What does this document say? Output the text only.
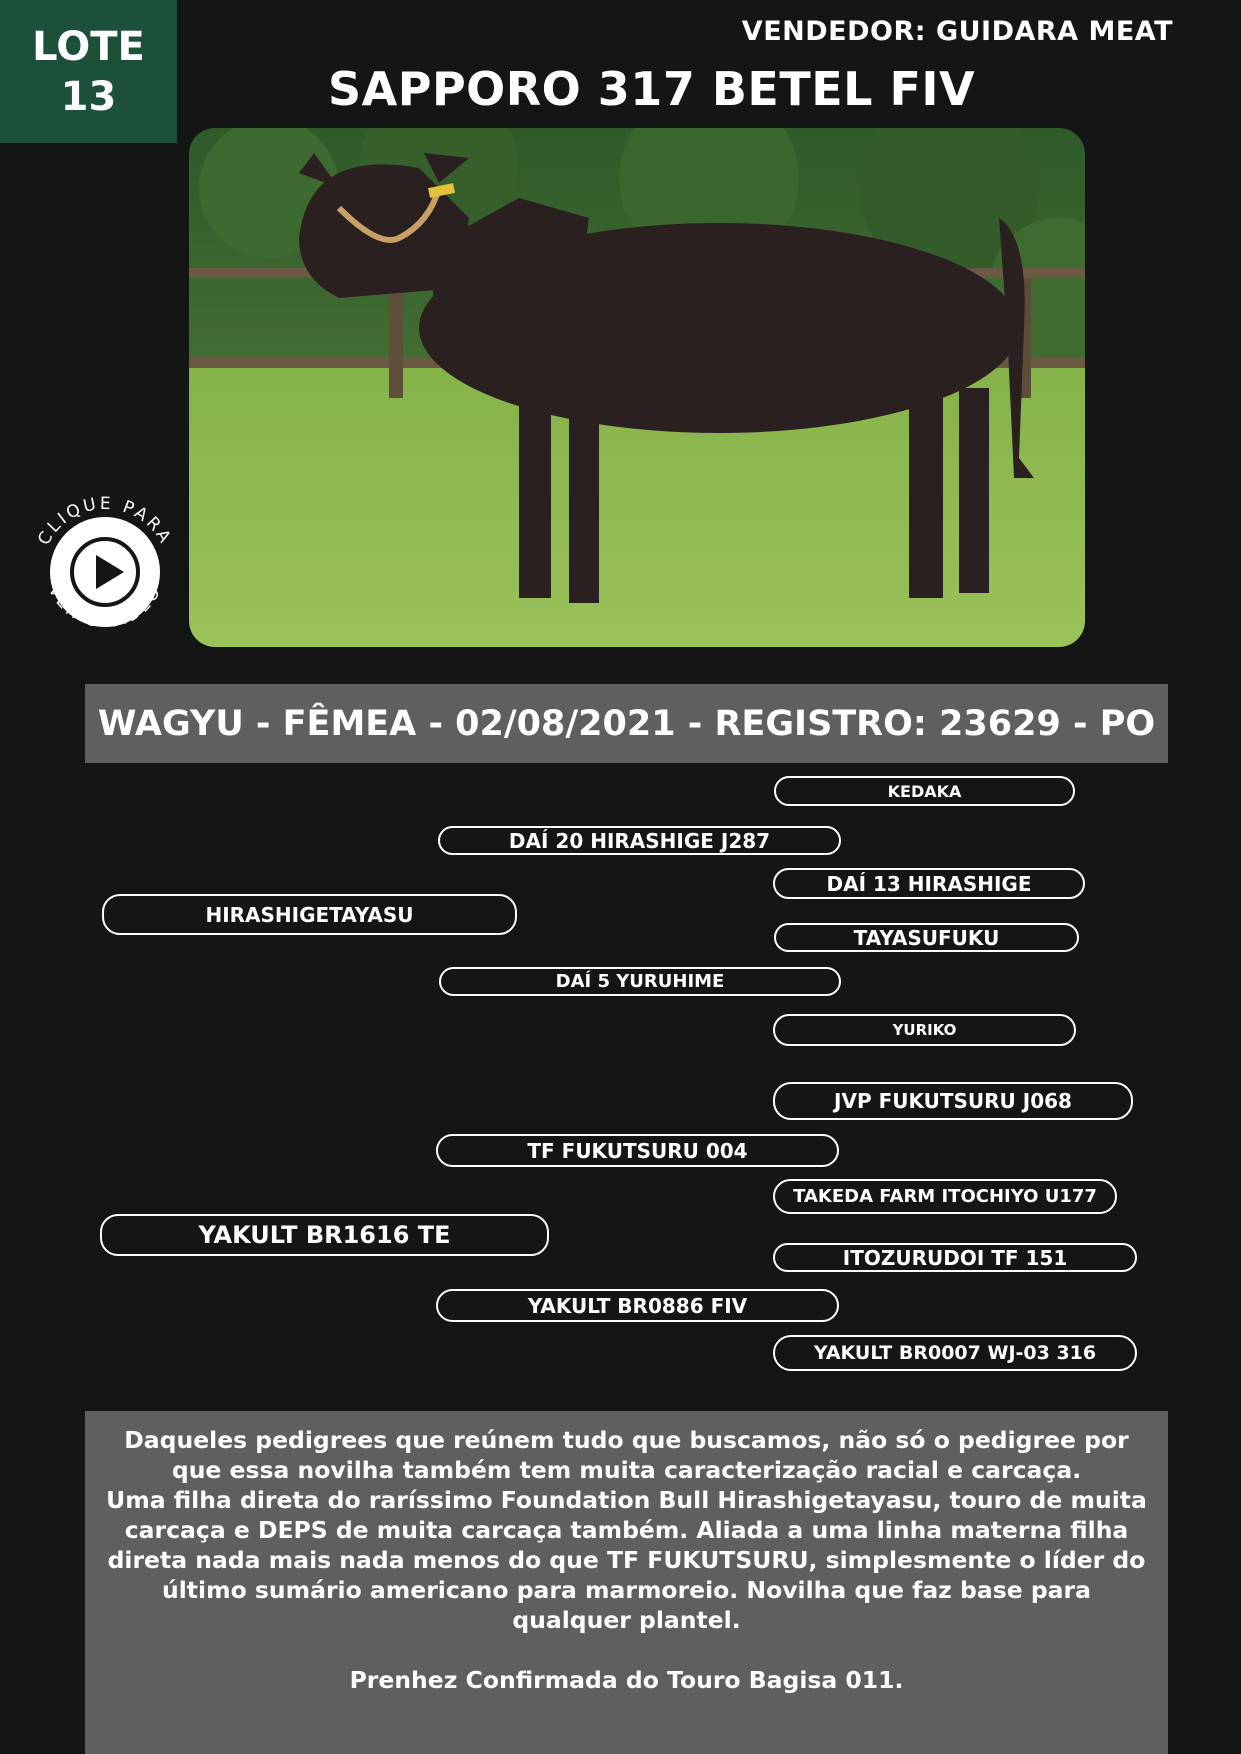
LOTE
13
VENDEDOR: GUIDARA MEAT
SAPPORO 317 BETEL FIV
CLIQUE PARA
VER O VÍDEO
WAGYU - FÊMEA - 02/08/2021 - REGISTRO: 23629 - PO
HIRASHIGETAYASU
DAÍ 20 HIRASHIGE J287
KEDAKA
DAÍ 13 HIRASHIGE
DAÍ 5 YURUHIME
TAYASUFUKU
YURIKO
YAKULT BR1616 TE
TF FUKUTSURU 004
JVP FUKUTSURU J068
TAKEDA FARM ITOCHIYO U177
YAKULT BR0886 FIV
ITOZURUDOI TF 151
YAKULT BR0007 WJ-03 316

Daqueles pedigrees que reúnem tudo que buscamos, não só o pedigree por que essa novilha também tem muita caracterização racial e carcaça.

Uma filha direta do raríssimo Foundation Bull Hirashigetayasu, touro de muita carcaça e DEPS de muita carcaça também. Aliada a uma linha materna filha direta nada mais nada menos do que TF FUKUTSURU, simplesmente o líder do último sumário americano para marmoreio. Novilha que faz base para qualquer plantel.

Prenhez Confirmada do Touro Bagisa 011.
